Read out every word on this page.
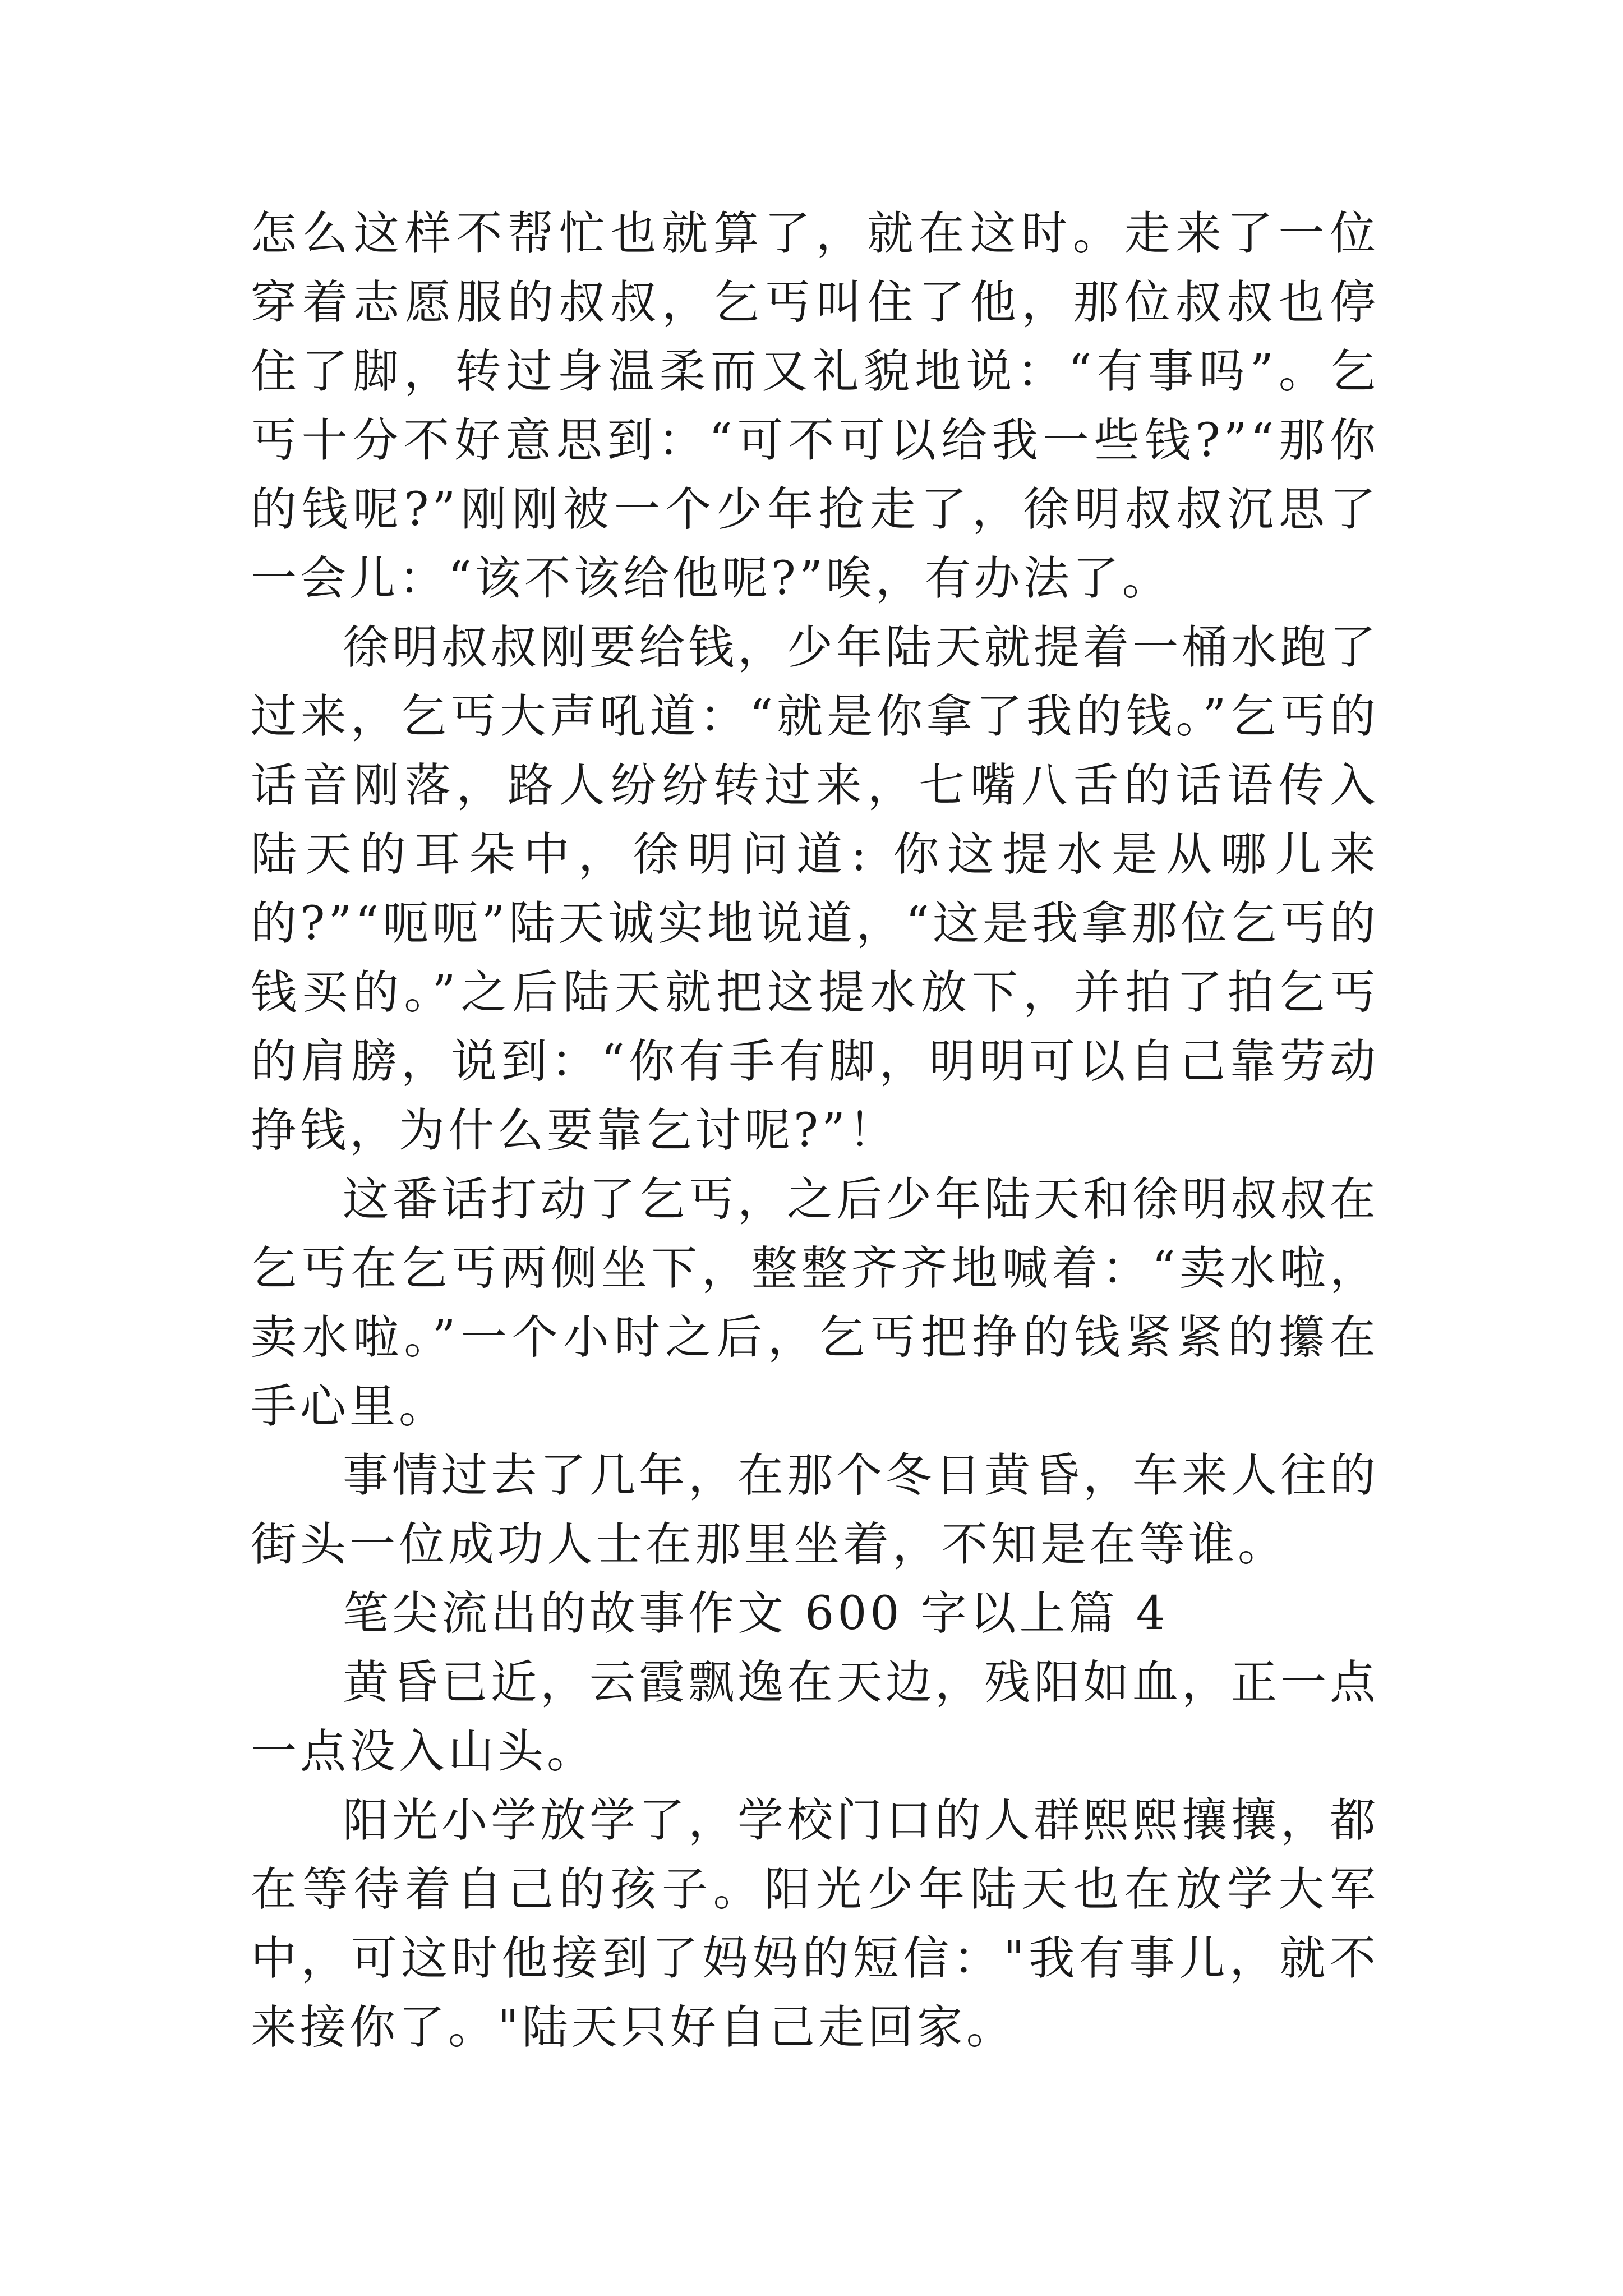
怎么这样不帮忙也就算了，就在这时。走来了一位穿着志愿服的叔叔，乞丐叫住了他，那位叔叔也停住了脚，转过身温柔而又礼貌地说：“有事吗”。乞丐十分不好意思到：“可不可以给我一些钱?”“那你的钱呢?”刚刚被一个少年抢走了，徐明叔叔沉思了一会儿：“该不该给他呢?”唉，有办法了。

徐明叔叔刚要给钱，少年陆天就提着一桶水跑了过来，乞丐大声吼道：“就是你拿了我的钱。”乞丐的话音刚落，路人纷纷转过来，七嘴八舌的话语传入陆天的耳朵中，徐明问道: 你这提水是从哪儿来的?”“呃呃”陆天诚实地说道，“这是我拿那位乞丐的钱买的。”之后陆天就把这提水放下，并拍了拍乞丐的肩膀，说到：“你有手有脚，明明可以自己靠劳动挣钱，为什么要靠乞讨呢?”！

这番话打动了乞丐，之后少年陆天和徐明叔叔在乞丐在乞丐两侧坐下，整整齐齐地喊着：“卖水啦，卖水啦。”一个小时之后，乞丐把挣的钱紧紧的攥在手心里。

事情过去了几年，在那个冬日黄昏，车来人往的街头一位成功人士在那里坐着，不知是在等谁。

笔尖流出的故事作文 600 字以上篇 4

黄昏已近，云霞飘逸在天边，残阳如血，正一点一点没入山头。

阳光小学放学了，学校门口的人群熙熙攘攘，都在等待着自己的孩子。阳光少年陆天也在放学大军中，可这时他接到了妈妈的短信："我有事儿，就不来接你了。"陆天只好自己走回家。
